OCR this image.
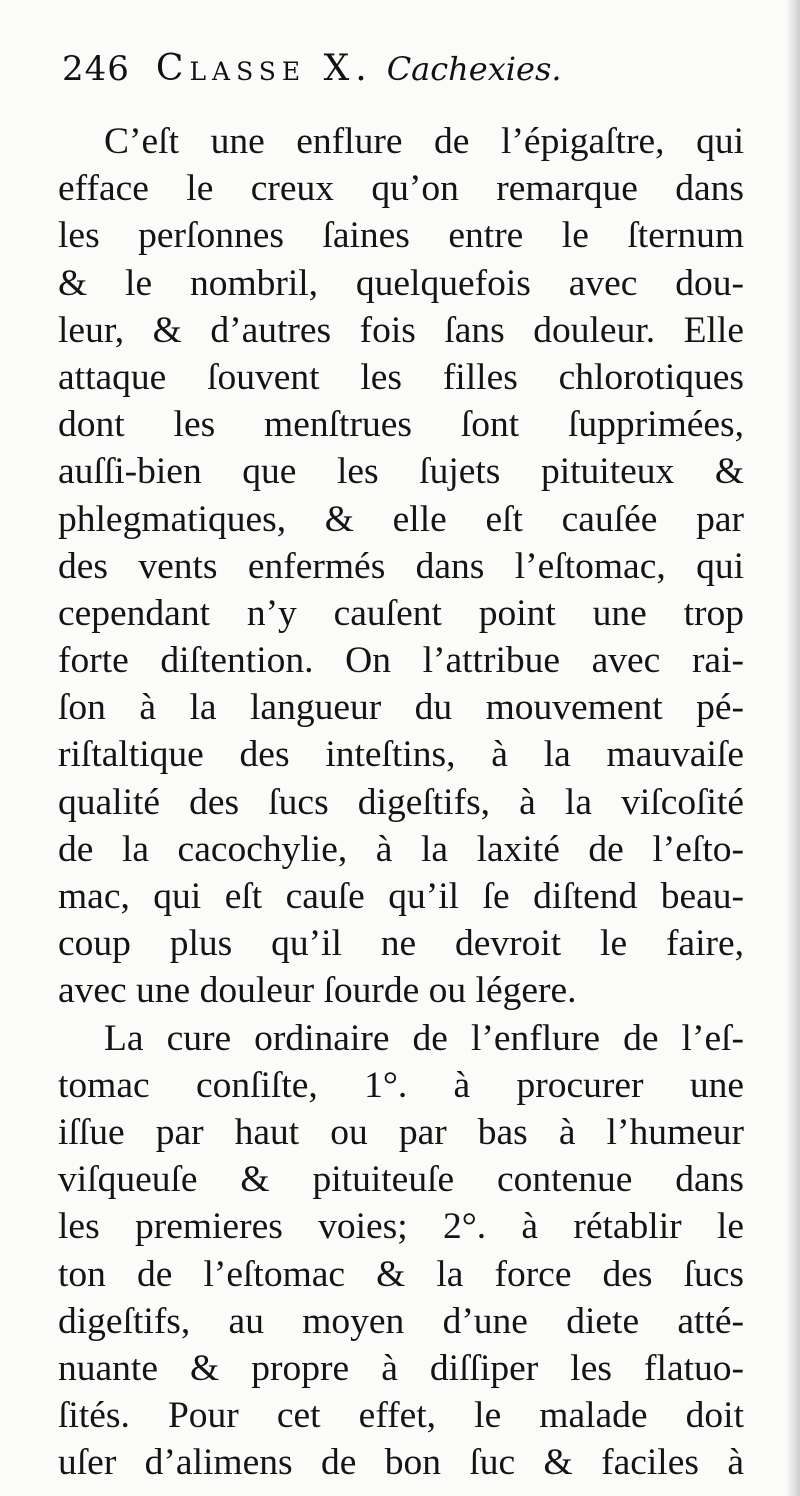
246 Classe X. Cachexies.
C’eſt une enflure de l’épigaſtre, qui
efface le creux qu’on remarque dans
les perſonnes ſaines entre le ſternum
& le nombril, quelquefois avec dou-
leur, & d’autres fois ſans douleur. Elle
attaque ſouvent les filles chlorotiques
dont les menſtrues ſont ſupprimées,
auſſi-bien que les ſujets pituiteux &
phlegmatiques, & elle eſt cauſée par
des vents enfermés dans l’eſtomac, qui
cependant n’y cauſent point une trop
forte diſtention. On l’attribue avec rai-
ſon à la langueur du mouvement pé-
riſtaltique des inteſtins, à la mauvaiſe
qualité des ſucs digeſtifs, à la viſcoſité
de la cacochylie, à la laxité de l’eſto-
mac, qui eſt cauſe qu’il ſe diſtend beau-
coup plus qu’il ne devroit le faire,
avec une douleur ſourde ou légere.
La cure ordinaire de l’enflure de l’eſ-
tomac conſiſte, 1°. à procurer une
iſſue par haut ou par bas à l’humeur
viſqueuſe & pituiteuſe contenue dans
les premieres voies; 2°. à rétablir le
ton de l’eſtomac & la force des ſucs
digeſtifs, au moyen d’une diete atté-
nuante & propre à diſſiper les flatuo-
ſités. Pour cet effet, le malade doit
uſer d’alimens de bon ſuc & faciles à
